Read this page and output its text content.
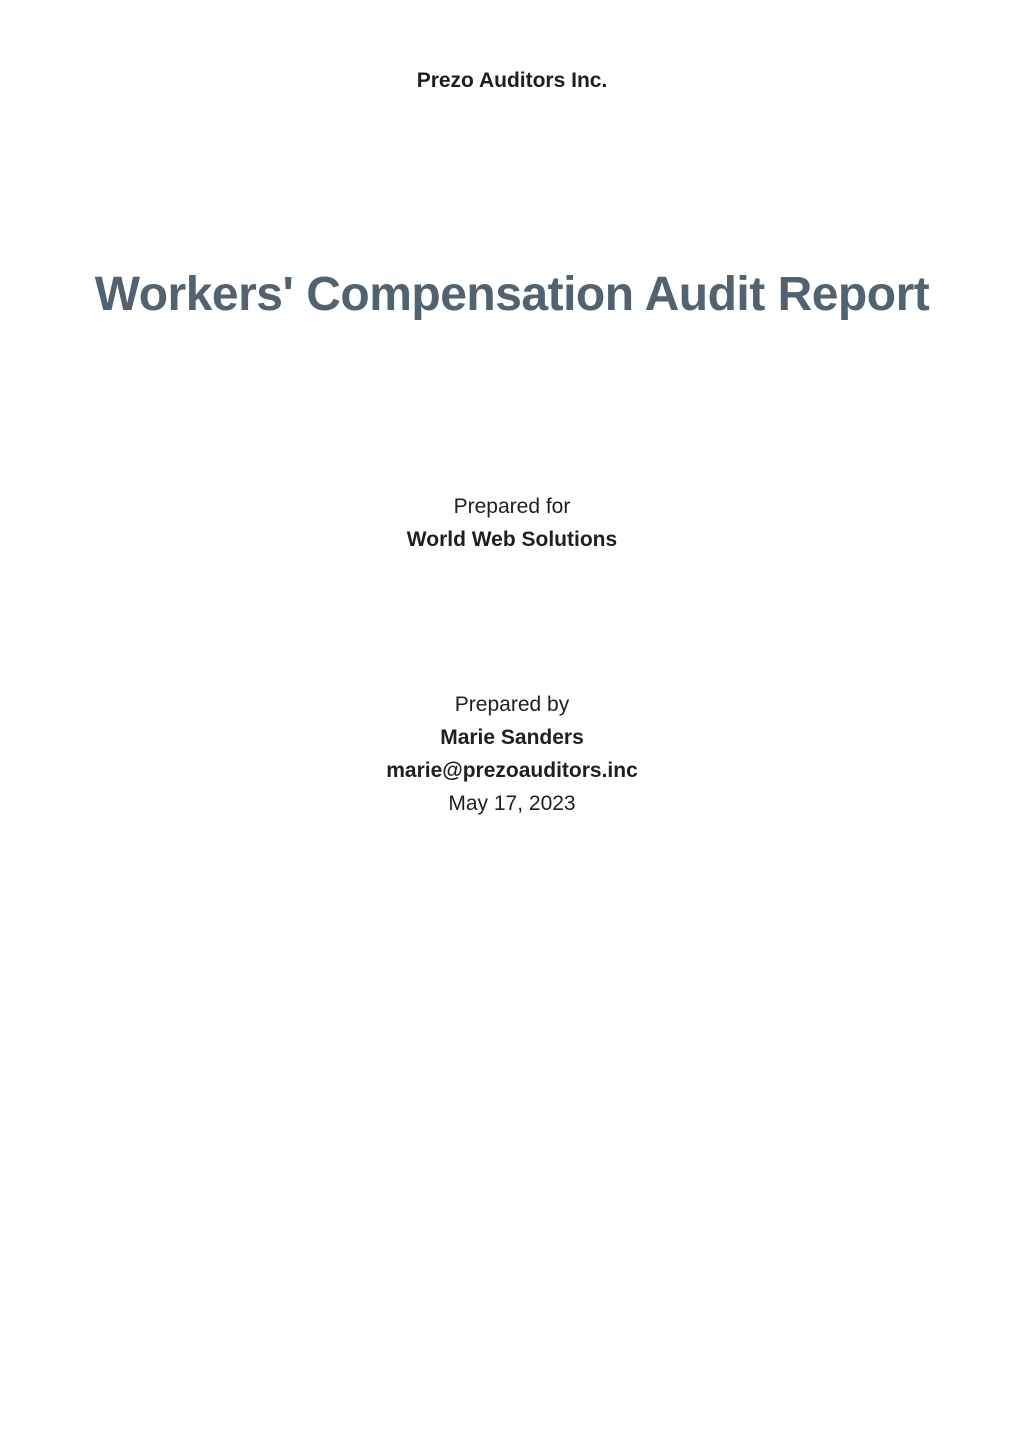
Prezo Auditors Inc.
Workers' Compensation Audit Report
Prepared for
World Web Solutions
Prepared by
Marie Sanders
marie@prezoauditors.inc
May 17, 2023
